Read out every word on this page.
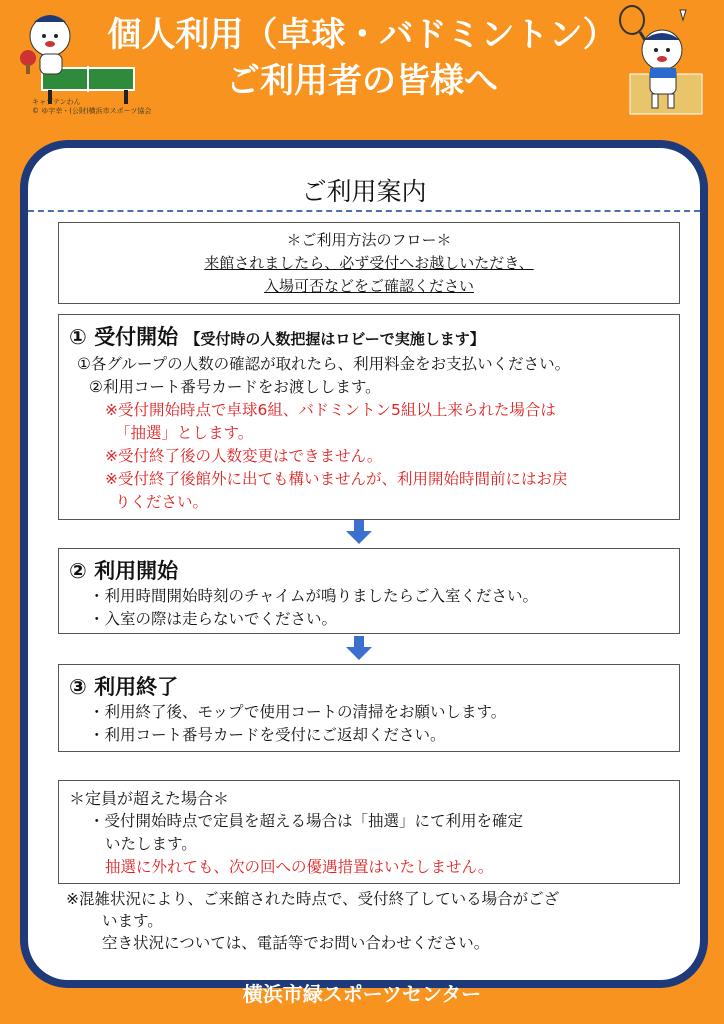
キャプテンわん
© ゆ字幸・(公財)横浜市スポーツ協会
個人利用（卓球・バドミントン）
ご利用者の皆様へ
ご利用案内
＊ご利用方法のフロー＊
来館されましたら、必ず受付へお越しいただき、
入場可否などをご確認ください
① 受付開始 【受付時の人数把握はロビーで実施します】
①各グループの人数の確認が取れたら、利用料金をお支払いください。
②利用コート番号カードをお渡しします。
※受付開始時点で卓球6組、バドミントン5組以上来られた場合は
「抽選」とします。
※受付終了後の人数変更はできません。
※受付終了後館外に出ても構いませんが、利用開始時間前にはお戻
りください。
② 利用開始
・利用時間開始時刻のチャイムが鳴りましたらご入室ください。
・入室の際は走らないでください。
③ 利用終了
・利用終了後、モップで使用コートの清掃をお願いします。
・利用コート番号カードを受付にご返却ください。
＊定員が超えた場合＊
・受付開始時点で定員を超える場合は「抽選」にて利用を確定
いたします。
抽選に外れても、次の回への優遇措置はいたしません。
※混雑状況により、ご来館された時点で、受付終了している場合がござ
います。
空き状況については、電話等でお問い合わせください。
横浜市緑スポーツセンター
